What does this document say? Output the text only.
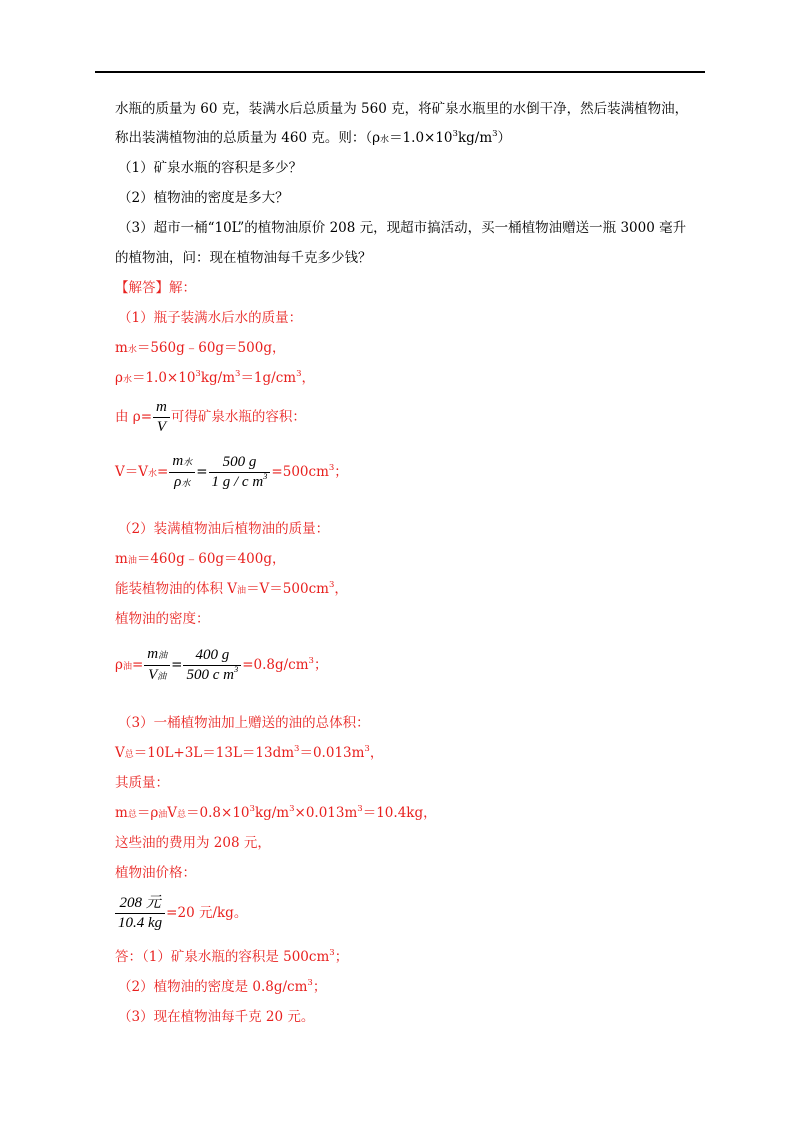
水瓶的质量为 60 克，装满水后总质量为 560 克，将矿泉水瓶里的水倒干净，然后装满植物油，
称出装满植物油的总质量为 460 克。则：（ρ水$=1.0\times 10^3kg/m^3$）
（1）矿泉水瓶的容积是多少？
（2）植物油的密度是多大？
（3）超市一桶“10L”的植物油原价 208 元，现超市搞活动，买一桶植物油赠送一瓶 3000 毫升
的植物油，问：现在植物油每千克多少钱？
【解答】解：
（1）瓶子装满水后水的质量：
m水＝560g﹣60g＝500g，
ρ水$=1.0\times 10^3kg/m^3=1g/cm^3$，
由 $\rho= \frac{m}{V}$ 可得矿泉水瓶的容积：
V＝V水= $\frac{\text{m水}}{\text{ρ水}} = \frac{500 g}{1 g / c m^3} =500cm^3$；
（2）装满植物油后植物油的质量：
m油＝460g﹣60g＝400g，
能装植物油的体积 V油$=V=500cm^3$，
植物油的密度：
ρ油= $\frac{\text{m油}}{\text{V油}} = \frac{400 g}{500 c m^3} =0.8g/cm^3$；
（3）一桶植物油加上赠送的油的总体积：
V总$=10L+3L=13L=13dm^3=0.013m^3$，
其质量：
m总＝ρ油V总$=0.8\times 10^3kg/m^3\times 0.013m^3=10.4kg$，
这些油的费用为 208 元，
植物油价格：
$\frac{\text{208 元}}{10.4 kg} =20$ 元/kg。
答：（1）矿泉水瓶的容积是 $500cm^3$；
（2）植物油的密度是 $0.8g/cm^3$；
（3）现在植物油每千克 20 元。
